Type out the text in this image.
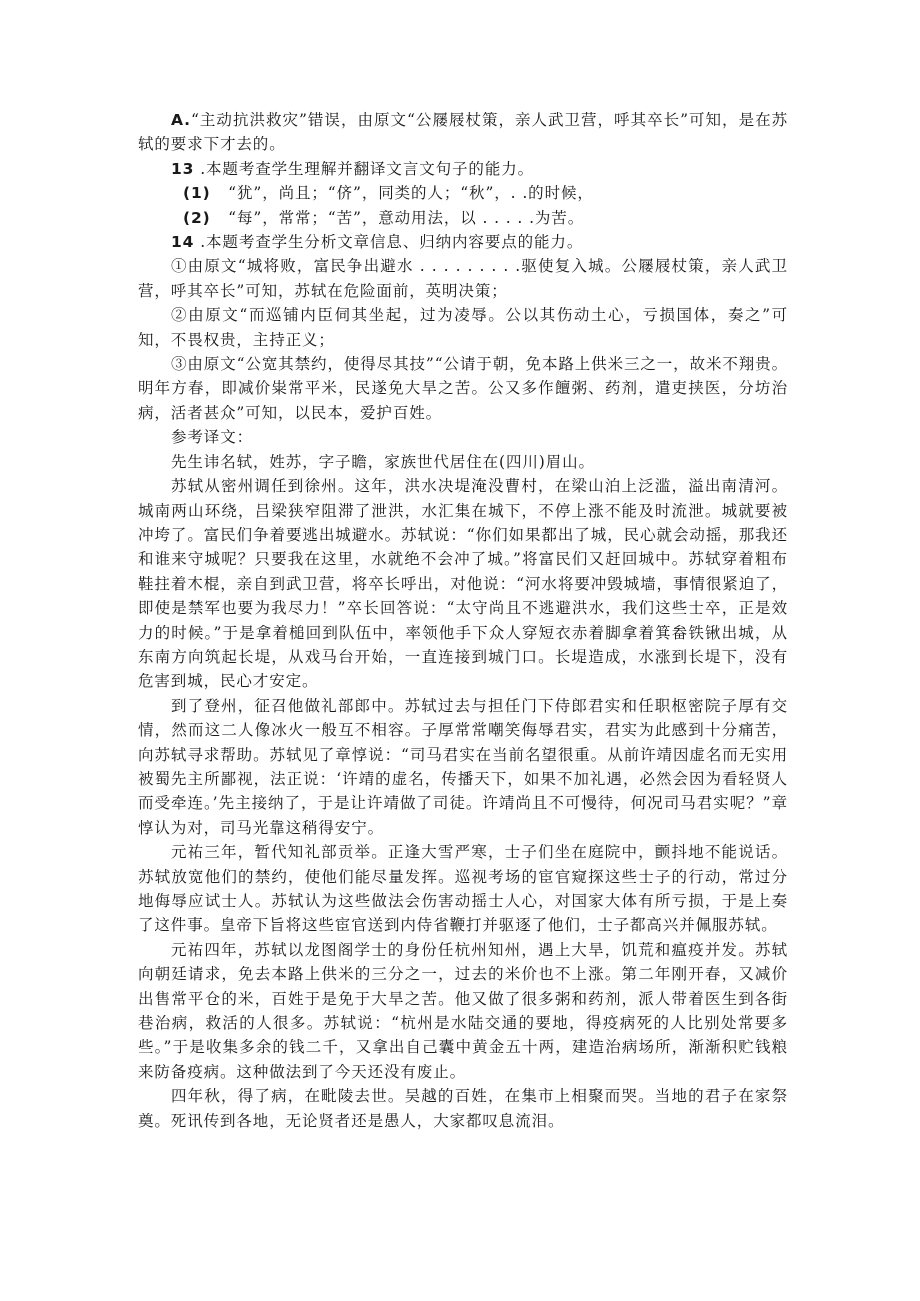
A.“主动抗洪救灾”错误，由原文“公屦屐杖策，亲人武卫营，呼其卒长”可知，是在苏轼的要求下才去的。

13 .本题考查学生理解并翻译文言文句子的能力。

(1) “犹”，尚且；“侪”，同类的人；“秋”，. .的时候，

(2) “每”，常常；“苦”，意动用法，以 . . . . .为苦。

14 .本题考查学生分析文章信息、归纳内容要点的能力。

①由原文“城将败，富民争出避水 . . . . . . . . .驱使复入城。公屦屐杖策，亲人武卫营，呼其卒长”可知，苏轼在危险面前，英明决策；

②由原文“而巡铺内臣伺其坐起，过为凌辱。公以其伤动土心，亏损国体，奏之”可知，不畏权贵，主持正义；

③由原文“公宽其禁约，使得尽其技”“公请于朝，免本路上供米三之一，故米不翔贵。明年方春，即减价粜常平米，民遂免大旱之苦。公又多作饘粥、药剂，遣吏挟医，分坊治病，活者甚众”可知，以民本，爱护百姓。

参考译文：

先生讳名轼，姓苏，字子瞻，家族世代居住在(四川)眉山。

苏轼从密州调任到徐州。这年，洪水决堤淹没曹村，在梁山泊上泛滥，溢出南清河。城南两山环绕，吕梁狭窄阻滞了泄洪，水汇集在城下，不停上涨不能及时流泄。城就要被冲垮了。富民们争着要逃出城避水。苏轼说：“你们如果都出了城，民心就会动摇，那我还和谁来守城呢？只要我在这里，水就绝不会冲了城。”将富民们又赶回城中。苏轼穿着粗布鞋拄着木棍，亲自到武卫营，将卒长呼出，对他说：“河水将要冲毁城墙，事情很紧迫了，即使是禁军也要为我尽力！”卒长回答说：“太守尚且不逃避洪水，我们这些士卒，正是效力的时候。”于是拿着槌回到队伍中，率领他手下众人穿短衣赤着脚拿着箕畚铁锹出城，从东南方向筑起长堤，从戏马台开始，一直连接到城门口。长堤造成，水涨到长堤下，没有危害到城，民心才安定。

到了登州，征召他做礼部郎中。苏轼过去与担任门下侍郎君实和任职枢密院子厚有交情，然而这二人像冰火一般互不相容。子厚常常嘲笑侮辱君实，君实为此感到十分痛苦，向苏轼寻求帮助。苏轼见了章惇说：“司马君实在当前名望很重。从前许靖因虚名而无实用被蜀先主所鄙视，法正说：‘许靖的虚名，传播天下，如果不加礼遇，必然会因为看轻贤人而受牵连。’先主接纳了，于是让许靖做了司徒。许靖尚且不可慢待，何况司马君实呢？”章惇认为对，司马光靠这稍得安宁。

元祐三年，暂代知礼部贡举。正逢大雪严寒，士子们坐在庭院中，颤抖地不能说话。苏轼放宽他们的禁约，使他们能尽量发挥。巡视考场的宦官窥探这些士子的行动，常过分地侮辱应试士人。苏轼认为这些做法会伤害动摇士人心，对国家大体有所亏损，于是上奏了这件事。皇帝下旨将这些宦官送到内侍省鞭打并驱逐了他们，士子都高兴并佩服苏轼。

元祐四年，苏轼以龙图阁学士的身份任杭州知州，遇上大旱，饥荒和瘟疫并发。苏轼向朝廷请求，免去本路上供米的三分之一，过去的米价也不上涨。第二年刚开春，又减价出售常平仓的米，百姓于是免于大旱之苦。他又做了很多粥和药剂，派人带着医生到各街巷治病，救活的人很多。苏轼说：“杭州是水陆交通的要地，得疫病死的人比别处常要多些。”于是收集多余的钱二千，又拿出自己囊中黄金五十两，建造治病场所，渐渐积贮钱粮来防备疫病。这种做法到了今天还没有废止。

四年秋，得了病，在毗陵去世。吴越的百姓，在集市上相聚而哭。当地的君子在家祭奠。死讯传到各地，无论贤者还是愚人，大家都叹息流泪。
